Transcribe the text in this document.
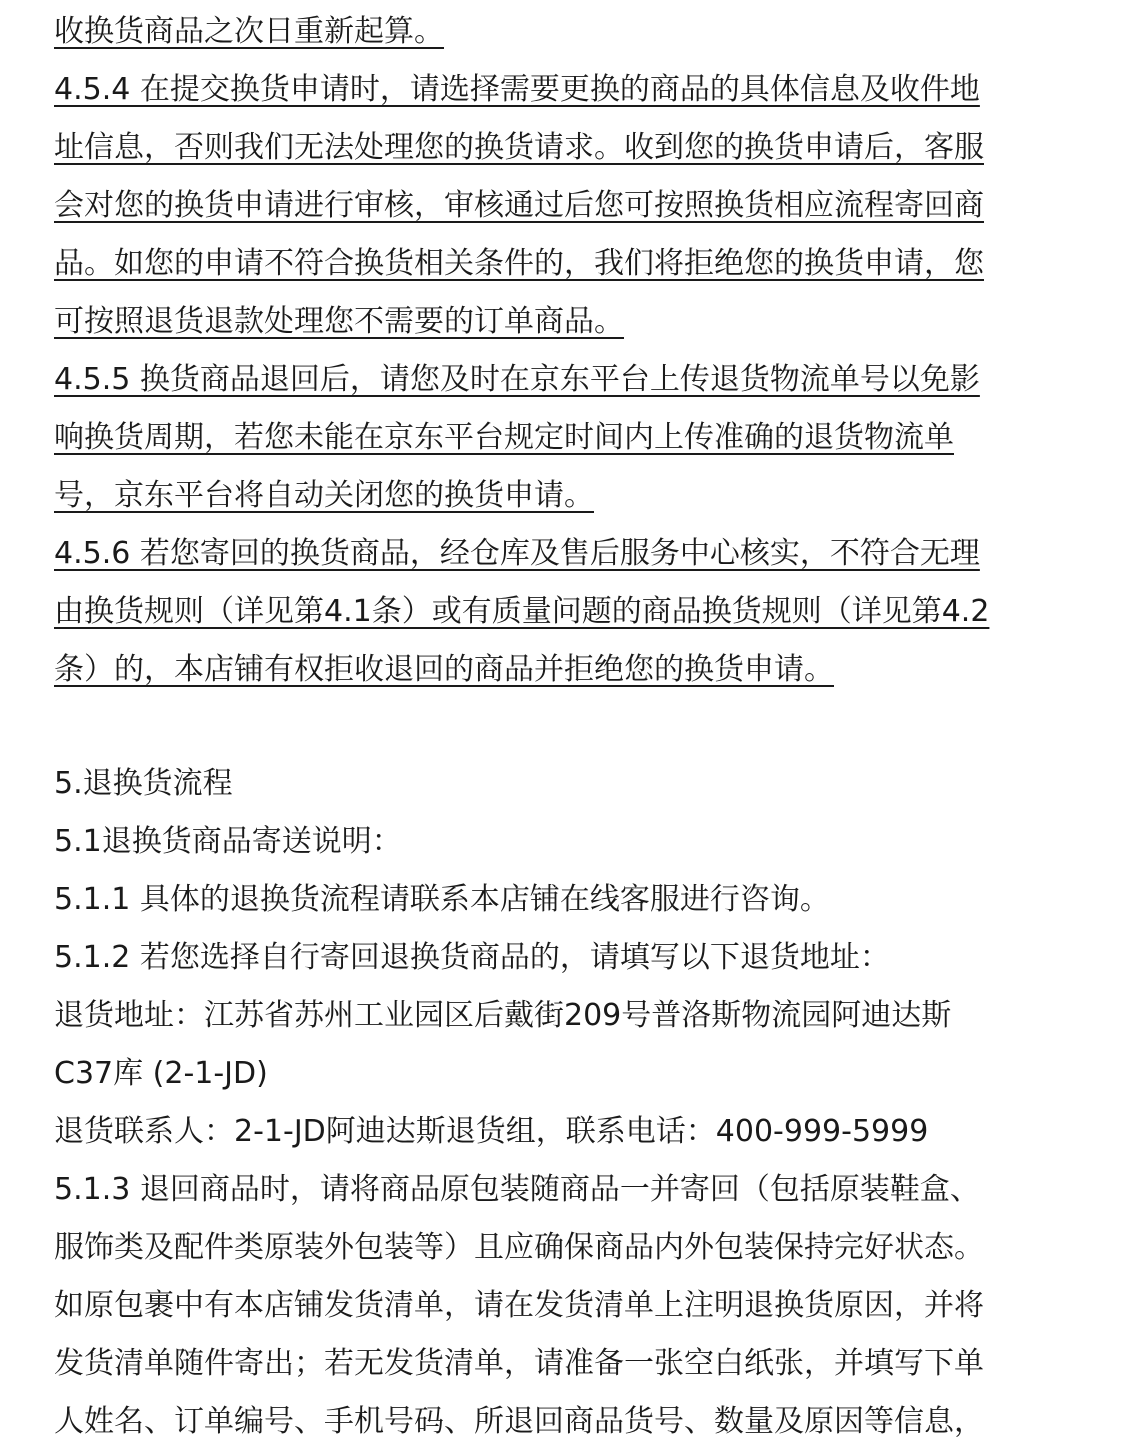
收换货商品之次日重新起算。
4.5.4 在提交换货申请时，请选择需要更换的商品的具体信息及收件地
址信息，否则我们无法处理您的换货请求。收到您的换货申请后，客服
会对您的换货申请进行审核，审核通过后您可按照换货相应流程寄回商
品。如您的申请不符合换货相关条件的，我们将拒绝您的换货申请，您
可按照退货退款处理您不需要的订单商品。
4.5.5 换货商品退回后，请您及时在京东平台上传退货物流单号以免影
响换货周期，若您未能在京东平台规定时间内上传准确的退货物流单
号，京东平台将自动关闭您的换货申请。
4.5.6 若您寄回的换货商品，经仓库及售后服务中心核实，不符合无理
由换货规则（详见第4.1条）或有质量问题的商品换货规则（详见第4.2
条）的，本店铺有权拒收退回的商品并拒绝您的换货申请。
5.退换货流程
5.1退换货商品寄送说明：
5.1.1 具体的退换货流程请联系本店铺在线客服进行咨询。
5.1.2 若您选择自行寄回退换货商品的，请填写以下退货地址：
退货地址：江苏省苏州工业园区后戴街209号普洛斯物流园阿迪达斯
C37库 (2-1-JD)
退货联系人：2-1-JD阿迪达斯退货组，联系电话：400-999-5999
5.1.3 退回商品时，请将商品原包装随商品一并寄回（包括原装鞋盒、
服饰类及配件类原装外包装等）且应确保商品内外包装保持完好状态。
如原包裹中有本店铺发货清单，请在发货清单上注明退换货原因，并将
发货清单随件寄出；若无发货清单，请准备一张空白纸张，并填写下单
人姓名、订单编号、手机号码、所退回商品货号、数量及原因等信息，
